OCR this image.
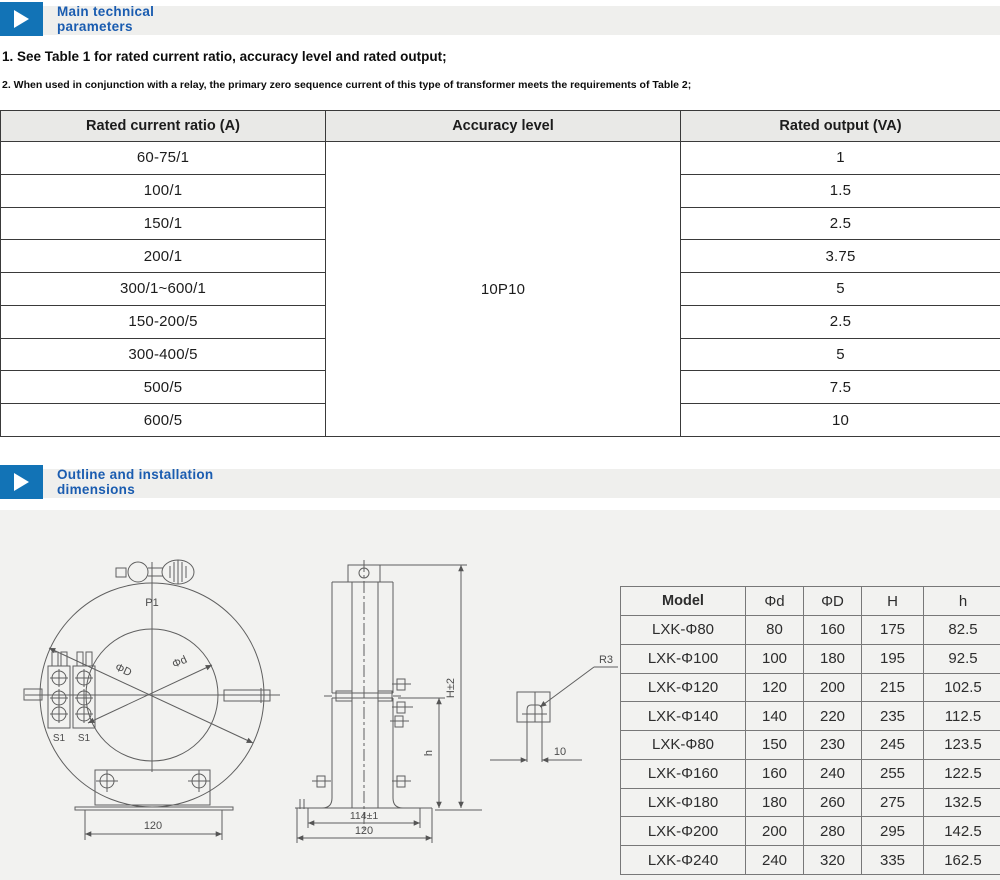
Main technical
parameters
1. See Table 1 for rated current ratio, accuracy level and rated output;
2. When used in conjunction with a relay, the primary zero sequence current of this type of transformer meets the requirements of Table 2;
Rated current ratio (A)	Accuracy level	Rated output (VA)
60-75/1	10P10	1
100/1		1.5
150/1		2.5
200/1		3.75
300/1~600/1		5
150-200/5		2.5
300-400/5		5
500/5		7.5
600/5		10
Outline and installation
dimensions
ΦD	Φd
P1
S1 S1
120
H±2
h
114±1
120
10
R3
Model	Φd	ΦD	H	h
LXK-Φ80	80	160	175	82.5
LXK-Φ100	100	180	195	92.5
LXK-Φ120	120	200	215	102.5
LXK-Φ140	140	220	235	112.5
LXK-Φ80	150	230	245	123.5
LXK-Φ160	160	240	255	122.5
LXK-Φ180	180	260	275	132.5
LXK-Φ200	200	280	295	142.5
LXK-Φ240	240	320	335	162.5
